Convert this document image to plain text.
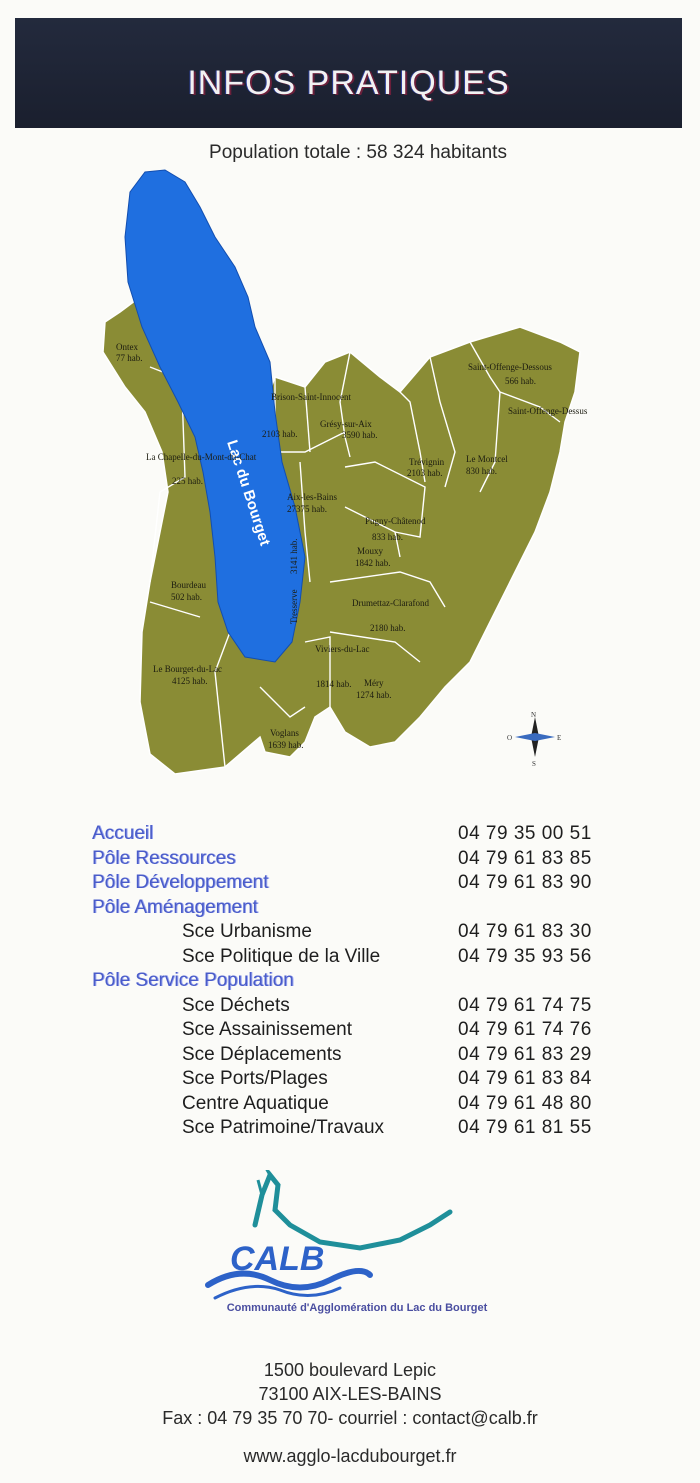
INFOS PRATIQUES
Population totale : 58 324 habitants
Lac du Bourget
Ontex
77 hab.
Brison-Saint-Innocent
2103 hab.
La Chapelle-du-Mont-du-Chat
225 hab.
Grésy-sur-Aix
3590 hab.
Saint-Offenge-Dessous
566 hab.
Saint-Offenge-Dessus
Trévignin
2103 hab.
Le Montcel
830 hab.
Aix-les-Bains
27375 hab.
Pugny-Châtenod
833 hab.
Tresserve
3141 hab.	Mouxy
1842 hab.
Bourdeau
502 hab.
Drumettaz-Clarafond
2180 hab.
Le Bourget-du-Lac
4125 hab.
Viviers-du-Lac
1814 hab. Méry
1274 hab.
Voglans
1639 hab.
N
S
E
O
Accueil	04 79 35 00 51
Pôle Ressources	04 79 61 83 85
Pôle Développement	04 79 61 83 90
Pôle Aménagement
Sce Urbanisme	04 79 61 83 30
Sce Politique de la Ville	04 79 35 93 56
Pôle Service Population
Sce Déchets	04 79 61 74 75
Sce Assainissement	04 79 61 74 76
Sce Déplacements	04 79 61 83 29
Sce Ports/Plages	04 79 61 83 84
Centre Aquatique	04 79 61 48 80
Sce Patrimoine/Travaux	04 79 61 81 55
CALB
Communauté d'Agglomération du Lac du Bourget
1500 boulevard Lepic
73100 AIX-LES-BAINS
Fax : 04 79 35 70 70- courriel : contact@calb.fr
www.agglo-lacdubourget.fr
